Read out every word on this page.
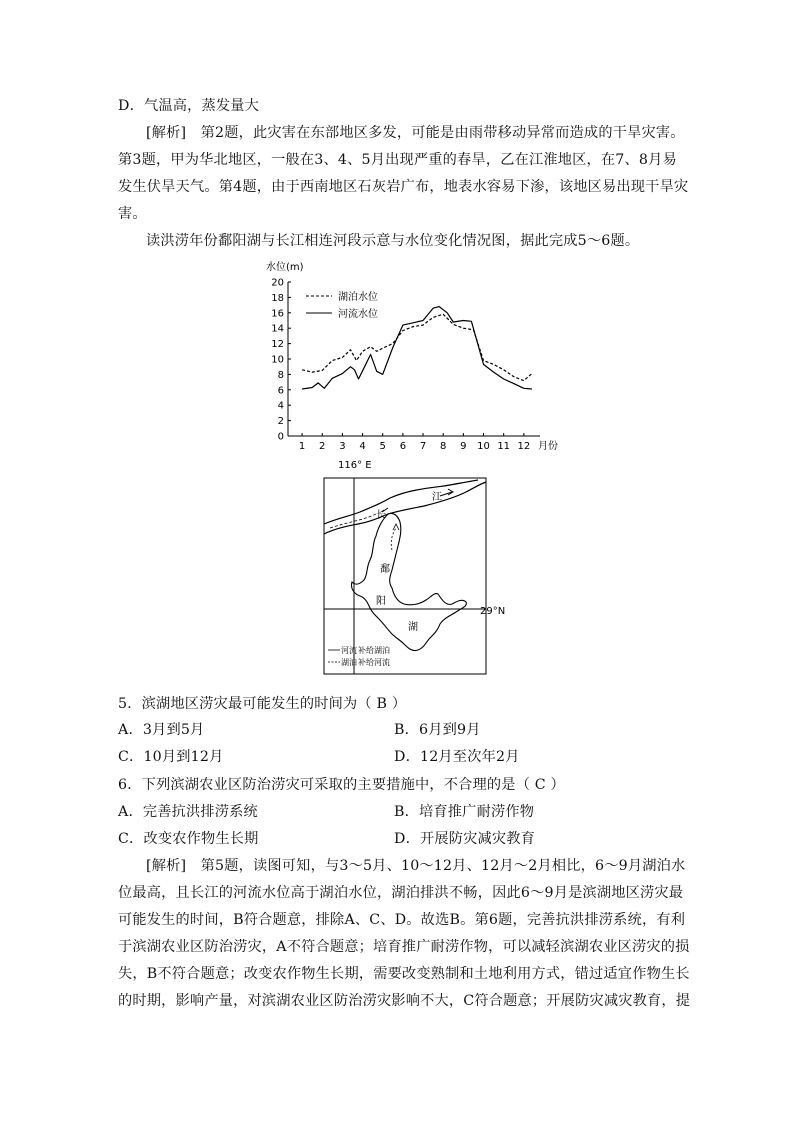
D．气温高，蒸发量大
[解析]　第2题，此灾害在东部地区多发，可能是由雨带移动异常而造成的干旱灾害。
第3题，甲为华北地区，一般在3、4、5月出现严重的春旱，乙在江淮地区，在7、8月易
发生伏旱天气。第4题，由于西南地区石灰岩广布，地表水容易下渗，该地区易出现干旱灾
害。
读洪涝年份鄱阳湖与长江相连河段示意与水位变化情况图，据此完成5～6题。
水位(m)
0
2
4
6
8
10
12
14
16
18
20
1 2 3 4 5 6 7 8 9 10 11 12 月份
湖泊水位
河流水位
116° E
29°N
长
江
鄱
阳
湖
河流 补给湖泊
湖泊 补给河流
5．滨湖地区涝灾最可能发生的时间为（ B ）
A．3月到5月	B．6月到9月
C．10月到12月	D．12月至次年2月
6．下列滨湖农业区防治涝灾可采取的主要措施中，不合理的是（ C ）
A．完善抗洪排涝系统	B．培育推广耐涝作物
C．改变农作物生长期	D．开展防灾减灾教育
[解析]　第5题，读图可知，与3～5月、10～12月、12月～2月相比，6～9月湖泊水
位最高，且长江的河流水位高于湖泊水位，湖泊排洪不畅，因此6～9月是滨湖地区涝灾最
可能发生的时间，B符合题意，排除A、C、D。故选B。第6题，完善抗洪排涝系统，有利
于滨湖农业区防治涝灾，A不符合题意；培育推广耐涝作物，可以减轻滨湖农业区涝灾的损
失，B不符合题意；改变农作物生长期，需要改变熟制和土地利用方式，错过适宜作物生长
的时期，影响产量，对滨湖农业区防治涝灾影响不大，C符合题意；开展防灾减灾教育，提
